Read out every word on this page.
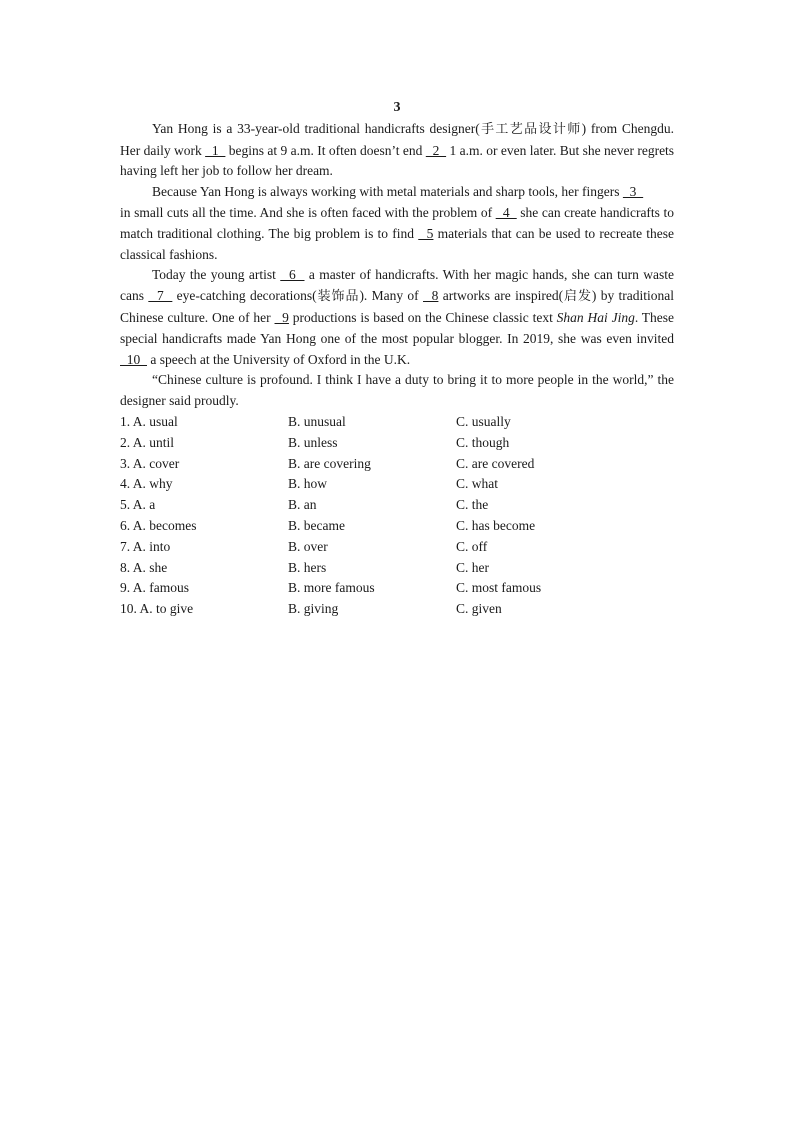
3

Yan Hong is a 33-year-old traditional handicrafts designer(手工艺品设计师) from Chengdu. Her daily work   1   begins at 9 a.m. It often doesn’t end   2   1 a.m. or even later. But she never regrets having left her job to follow her dream.

Because Yan Hong is always working with metal materials and sharp tools, her fingers   3

in small cuts all the time. And she is often faced with the problem of   4   she can create handicrafts to match traditional clothing. The big problem is to find   5 materials that can be used to recreate these classical fashions.

Today the young artist   6   a master of handicrafts. With her magic hands, she can turn waste cans   7   eye-catching decorations(装饰品). Many of   8 artworks are inspired(启发) by traditional Chinese culture. One of her   9 productions is based on the Chinese classic text Shan Hai Jing. These special handicrafts made Yan Hong one of the most popular blogger. In 2019, she was even invited   10   a speech at the University of Oxford in the U.K.

“Chinese culture is profound. I think I have a duty to bring it to more people in the world,” the designer said proudly.

1. A. usual	B. unusual	C. usually
2. A. until	B. unless	C. though
3. A. cover	B. are covering	C. are covered
4. A. why	B. how	C. what
5. A. a	B. an	C. the
6. A. becomes	B. became	C. has become
7. A. into	B. over	C. off
8. A. she	B. hers	C. her
9. A. famous	B. more famous	C. most famous
10. A. to give	B. giving	C. given
